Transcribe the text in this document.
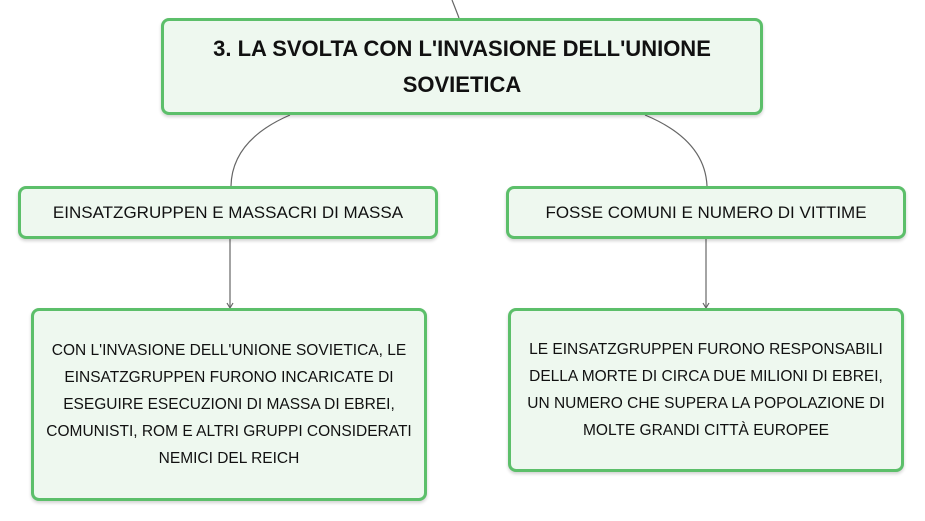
3. LA SVOLTA CON L'INVASIONE DELL'UNIONE SOVIETICA
EINSATZGRUPPEN E MASSACRI DI MASSA	FOSSE COMUNI E NUMERO DI VITTIME
CON L'INVASIONE DELL'UNIONE SOVIETICA, LE EINSATZGRUPPEN FURONO INCARICATE DI ESEGUIRE ESECUZIONI DI MASSA DI EBREI, COMUNISTI, ROM E ALTRI GRUPPI CONSIDERATI NEMICI DEL REICH
LE EINSATZGRUPPEN FURONO RESPONSABILI DELLA MORTE DI CIRCA DUE MILIONI DI EBREI, UN NUMERO CHE SUPERA LA POPOLAZIONE DI MOLTE GRANDI CITTÀ EUROPEE
